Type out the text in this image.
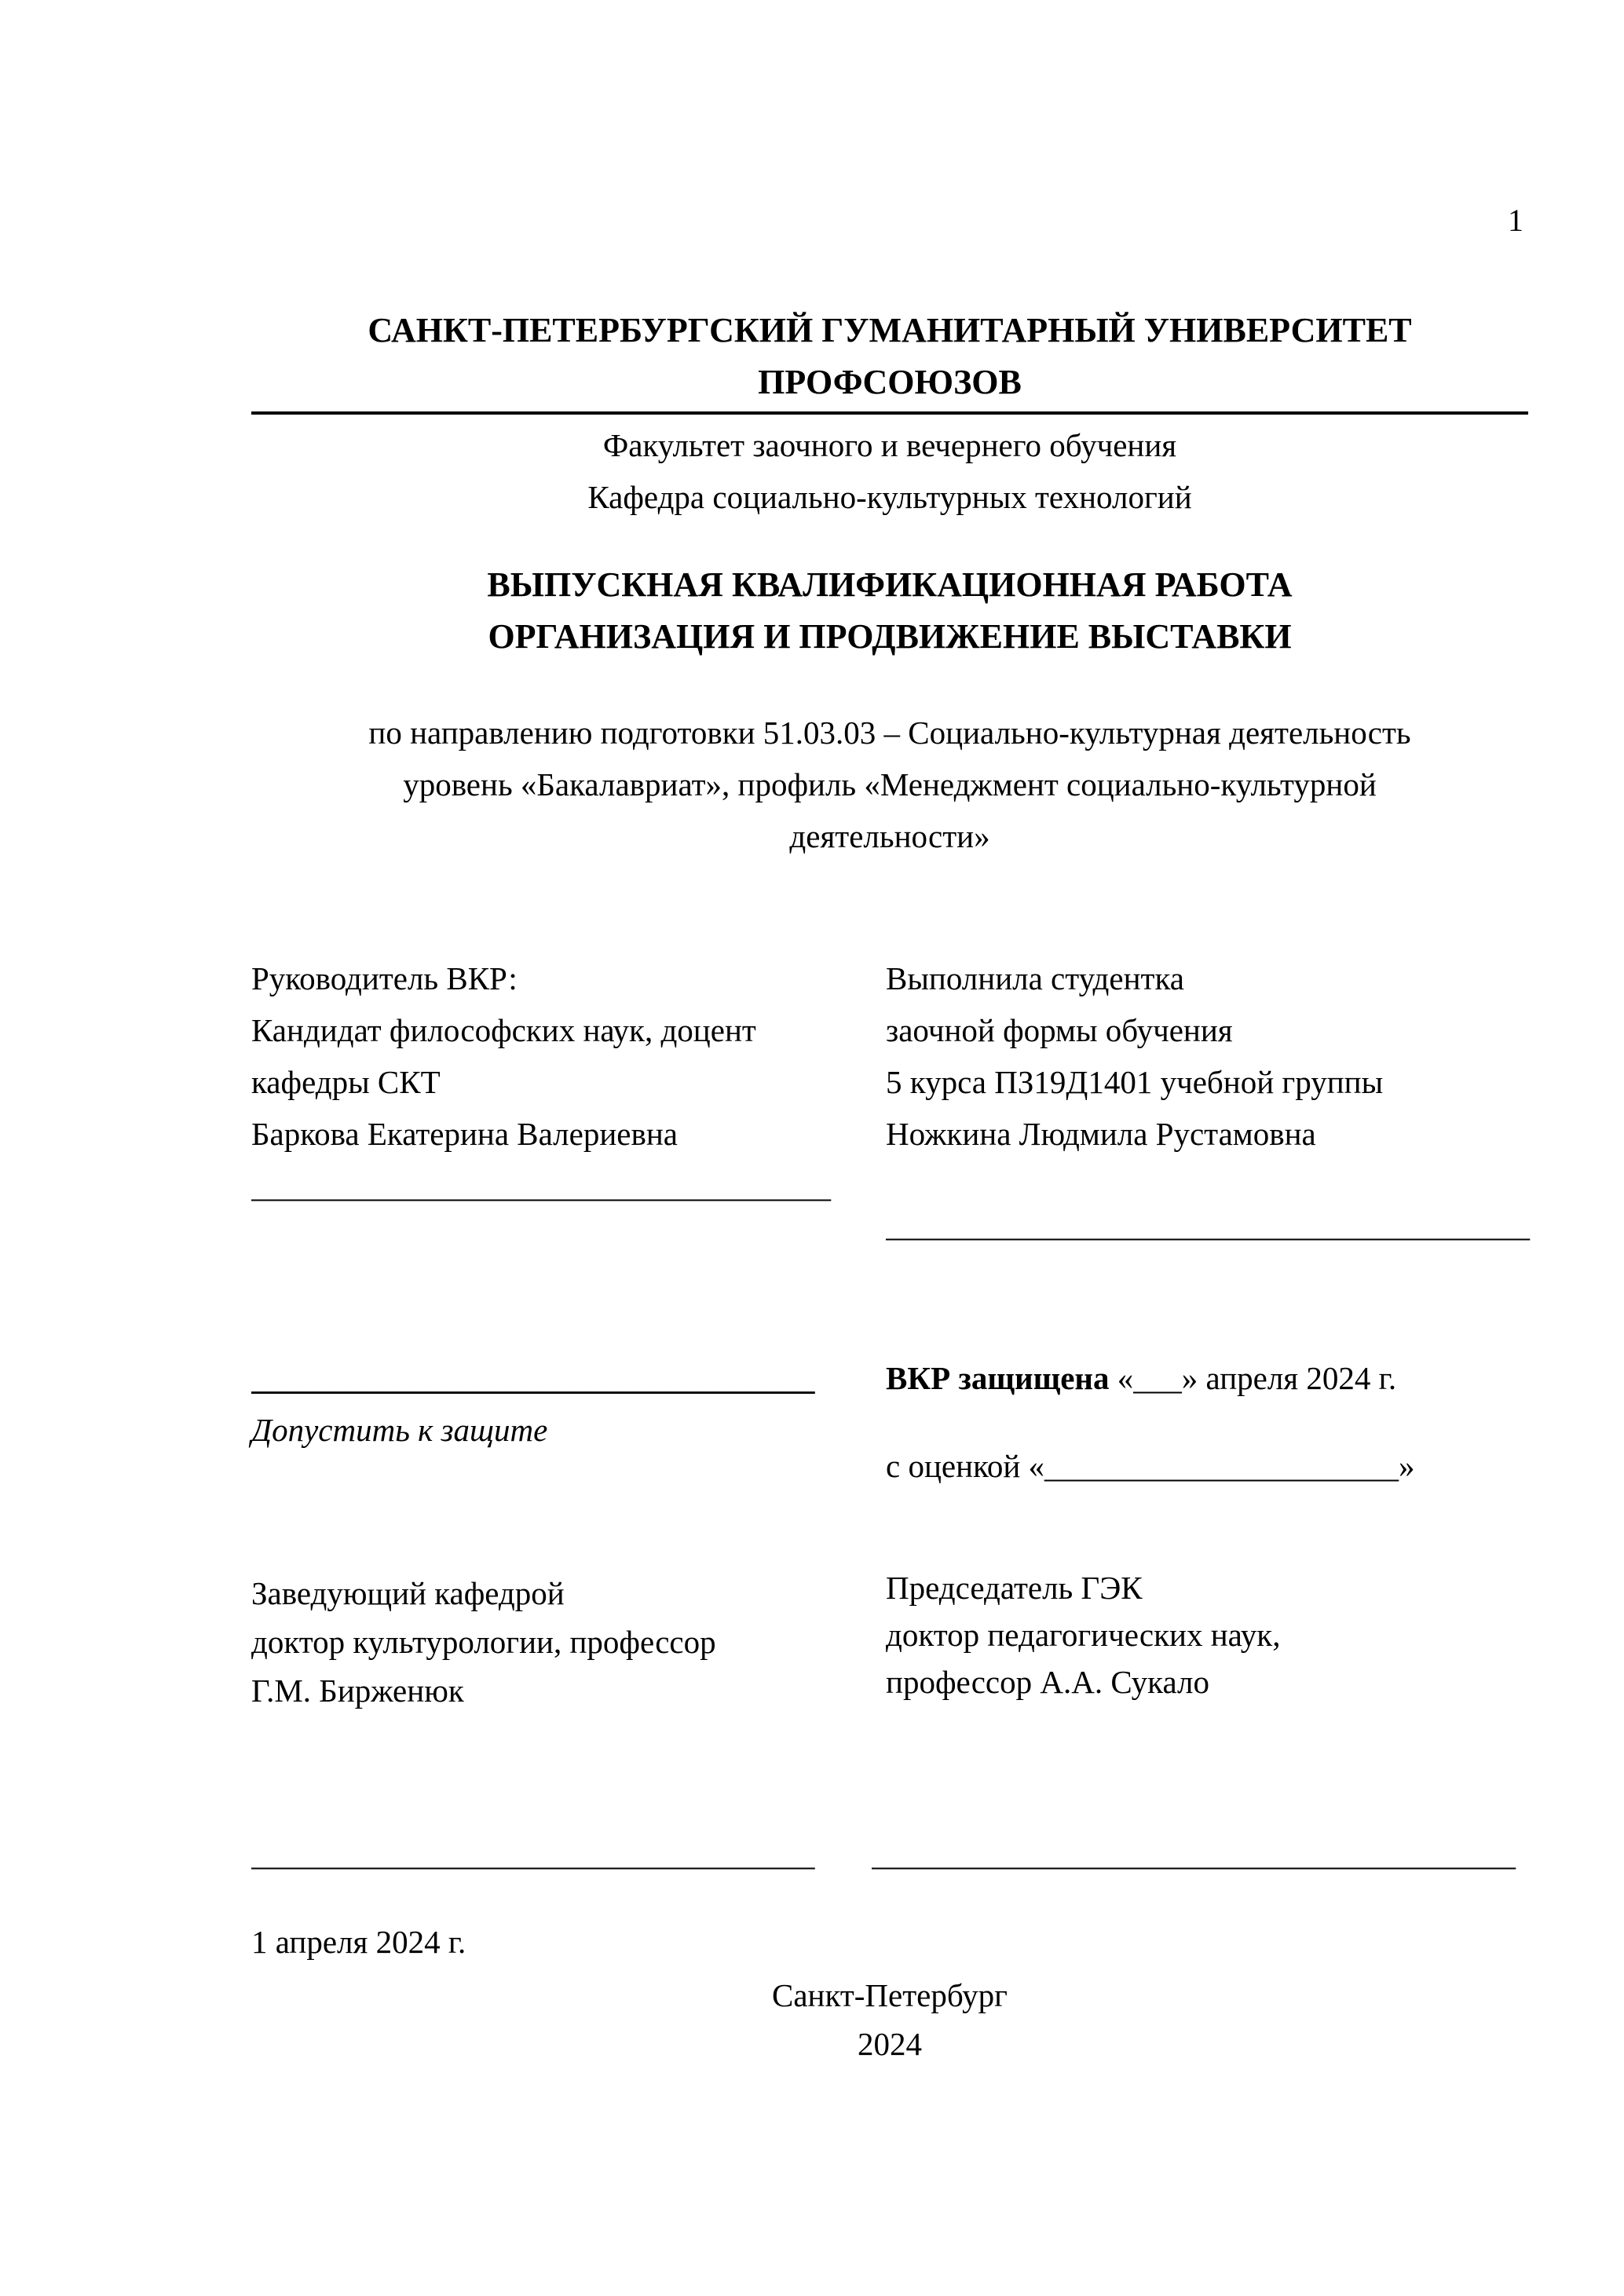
1
САНКТ-ПЕТЕРБУРГСКИЙ ГУМАНИТАРНЫЙ УНИВЕРСИТЕТ
ПРОФСОЮЗОВ
Факультет заочного и вечернего обучения
Кафедра социально-культурных технологий
ВЫПУСКНАЯ КВАЛИФИКАЦИОННАЯ РАБОТА
ОРГАНИЗАЦИЯ И ПРОДВИЖЕНИЕ ВЫСТАВКИ
по направлению подготовки 51.03.03 – Социально-культурная деятельность
уровень «Бакалавриат», профиль «Менеджмент социально-культурной
деятельности»
Руководитель ВКР:
Кандидат философских наук, доцент
кафедры СКТ
Баркова Екатерина Валериевна
____________________________________
Выполнила студентка
заочной формы обучения
5 курса ПЗ19Д1401 учебной группы
Ножкина Людмила Рустамовна
________________________________________
___________________________________
Допустить к защите
ВКР защищена «___» апреля 2024 г.
с оценкой «______________________»
Заведующий кафедрой
доктор культурологии, профессор
Г.М. Бирженюк
Председатель ГЭК
доктор педагогических наук,
профессор А.А. Сукало
___________________________________	________________________________________
1 апреля 2024 г.
Санкт-Петербург
2024
